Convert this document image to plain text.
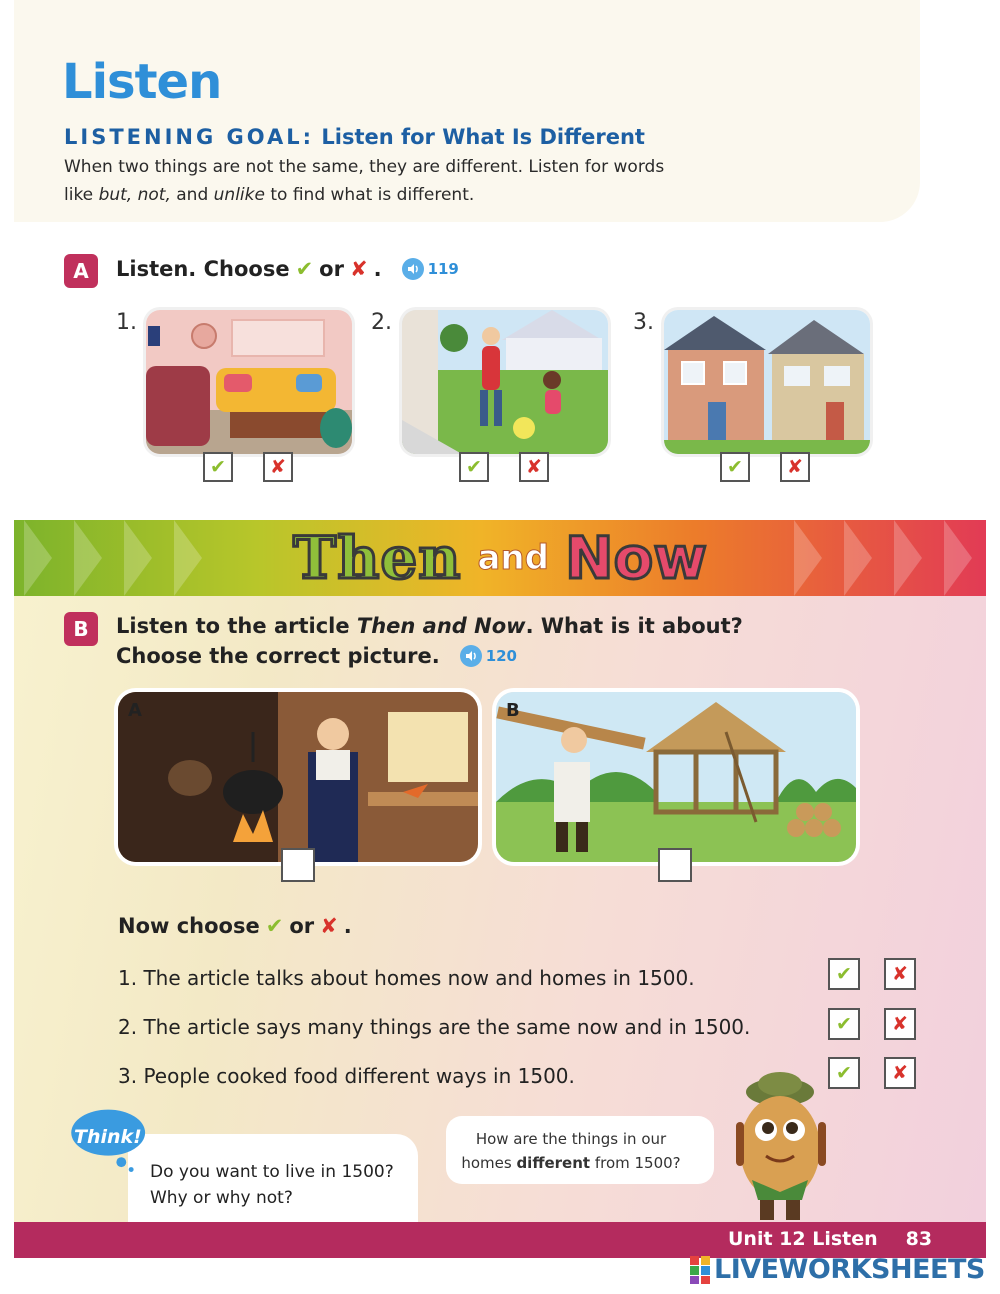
Listen
LISTENING GOAL: Listen for What Is Different
When two things are not the same, they are different. Listen for words
like but, not, and unlike to find what is different.
A	Listen. Choose ✔ or ✘ .	119
1.
✔	✘
2.
✔	✘
3.
✔	✘
Then and Now
B	Listen to the article Then and Now. What is it about?
Choose the correct picture.	120
A	B
Now choose ✔ or ✘ .
1. The article talks about homes now and homes in 1500.	✔	✘
2. The article says many things are the same now and in 1500.	✔	✘
3. People cooked food different ways in 1500.	✔	✘
Think!
Do you want to live in 1500?
Why or why not?
How are the things in our
homes different from 1500?
Unit 12 Listen 83
LIVEWORKSHEETS
